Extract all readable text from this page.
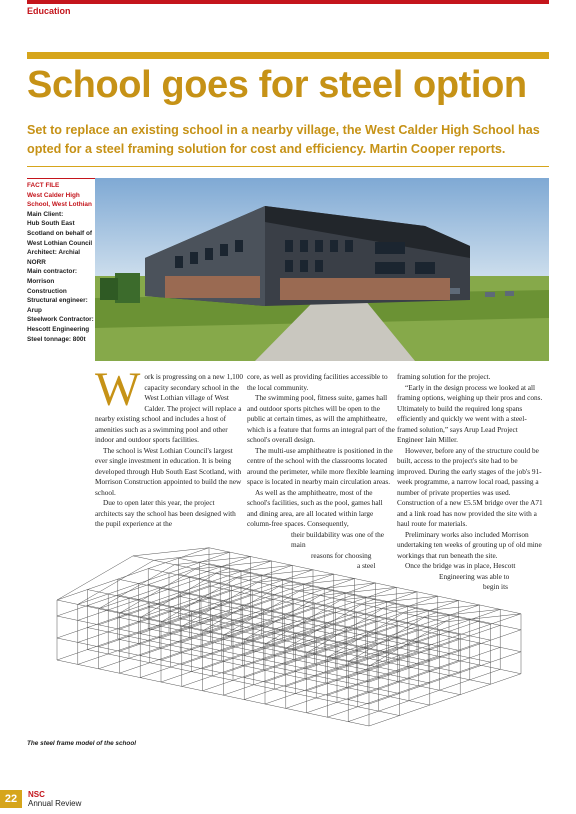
Education
School goes for steel option

Set to replace an existing school in a nearby village, the West Calder High School has opted for a steel framing solution for cost and efficiency. Martin Cooper reports.

FACT FILE
West Calder High School, West Lothian
Main Client:
Hub South East Scotland on behalf of West Lothian Council
Architect: Archial NORR
Main contractor:
Morrison Construction
Structural engineer:
Arup
Steelwork Contractor:
Hescott Engineering
Steel tonnage: 800t

Work is progressing on a new 1,100 capacity secondary school in the West Lothian village of West Calder. The project will replace a nearby existing school and includes a host of amenities such as a swimming pool and other indoor and outdoor sports facilities.

The school is West Lothian Council's largest ever single investment in education. It is being developed through Hub South East Scotland, with Morrison Construction appointed to build the new school.

Due to open later this year, the project architects say the school has been designed with the pupil experience at the

core, as well as providing facilities accessible to the local community.

The swimming pool, fitness suite, games hall and outdoor sports pitches will be open to the public at certain times, as will the amphitheatre, which is a feature that forms an integral part of the school's overall design.

The multi-use amphitheatre is positioned in the centre of the school with the classrooms located around the perimeter, while more flexible learning space is located in nearby main circulation areas.

As well as the amphitheatre, most of the school's facilities, such as the pool, games hall and dining area, are all located within large column-free spaces. Consequently,

their buildability was one of the main
reasons for choosing
a steel

framing solution for the project.

“Early in the design process we looked at all framing options, weighing up their pros and cons. Ultimately to build the required long spans efficiently and quickly we went with a steel-framed solution,” says Arup Lead Project Engineer Iain Miller.

However, before any of the structure could be built, access to the project's site had to be improved. During the early stages of the job's 91-week programme, a narrow local road, passing a number of private properties was used. Construction of a new £5.5M bridge over the A71 and a link road has now provided the site with a haul route for materials.

Preliminary works also included Morrison undertaking ten weeks of grouting up of old mine workings that run beneath the site.

Once the bridge was in place, Hescott
Engineering was able to
begin its
The steel frame model of the school
22	NSC
Annual Review
